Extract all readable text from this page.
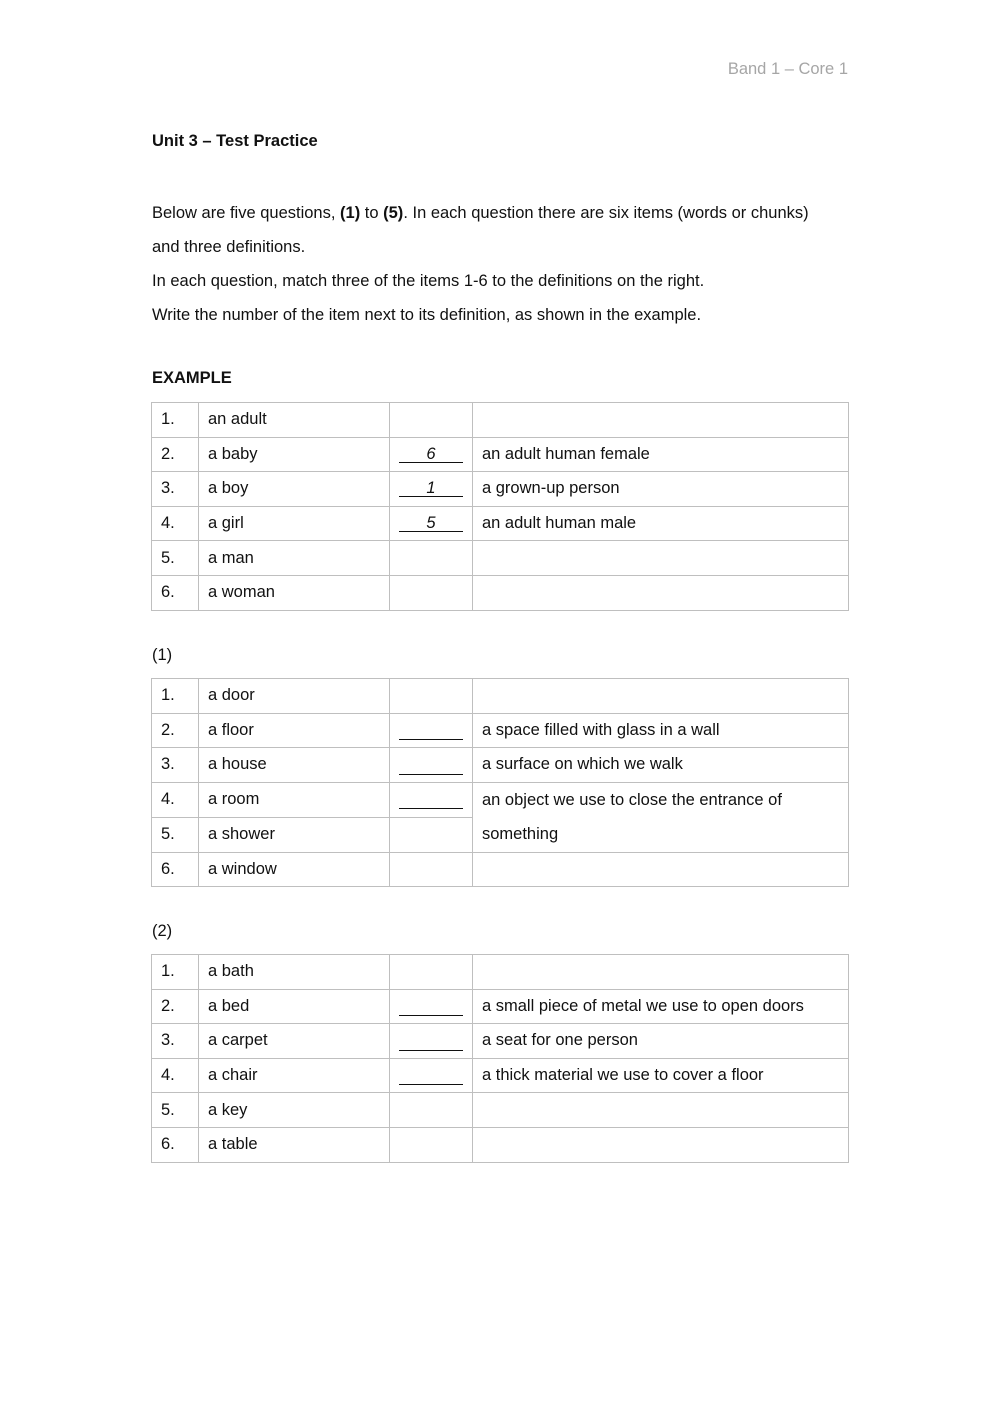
Band 1 – Core 1
Unit 3 – Test Practice

Below are five questions, (1) to (5). In each question there are six items (words or chunks)

and three definitions.

In each question, match three of the items 1-6 to the definitions on the right.

Write the number of the item next to its definition, as shown in the example.

EXAMPLE
1.	an adult		
2.	a baby	6	an adult human female
3.	a boy	1	a grown-up person
4.	a girl	5	an adult human male
5.	a man		
6.	a woman		
(1)
1.	a door		
2.	a floor		a space filled with glass in a wall
3.	a house		a surface on which we walk
4.	a room		an object we use to close the entrance of something
5.	a shower		
6.	a window		
(2)
1.	a bath		
2.	a bed		a small piece of metal we use to open doors
3.	a carpet		a seat for one person
4.	a chair		a thick material we use to cover a floor
5.	a key		
6.	a table		
